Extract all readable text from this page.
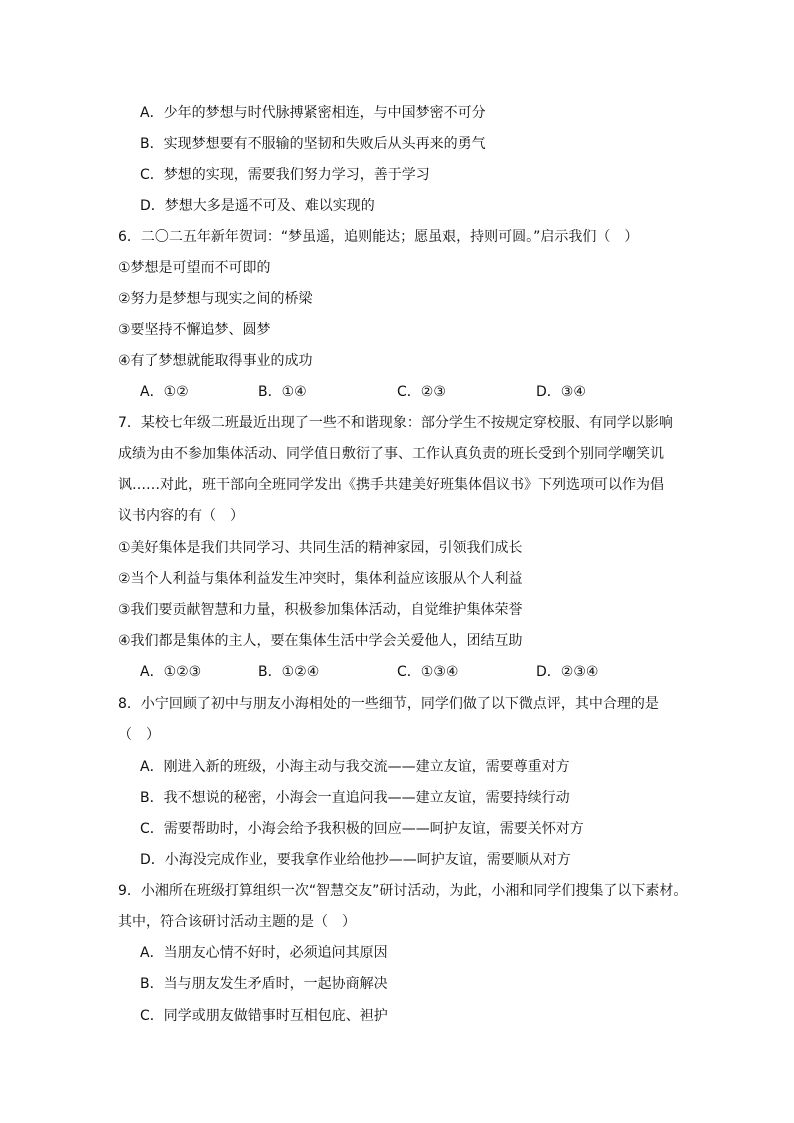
A．少年的梦想与时代脉搏紧密相连，与中国梦密不可分
B．实现梦想要有不服输的坚韧和失败后从头再来的勇气
C．梦想的实现，需要我们努力学习，善于学习
D．梦想大多是遥不可及、难以实现的
6．二〇二五年新年贺词：“梦虽遥，追则能达；愿虽艰，持则可圆。”启示我们（　）
①梦想是可望而不可即的
②努力是梦想与现实之间的桥梁
③要坚持不懈追梦、圆梦
④有了梦想就能取得事业的成功
A．①②	B．①④	C．②③	D．③④
7．某校七年级二班最近出现了一些不和谐现象：部分学生不按规定穿校服、有同学以影响
成绩为由不参加集体活动、同学值日敷衍了事、工作认真负责的班长受到个别同学嘲笑讥
讽……对此，班干部向全班同学发出《携手共建美好班集体倡议书》下列选项可以作为倡
议书内容的有（　）
①美好集体是我们共同学习、共同生活的精神家园，引领我们成长
②当个人利益与集体利益发生冲突时，集体利益应该服从个人利益
③我们要贡献智慧和力量，积极参加集体活动，自觉维护集体荣誉
④我们都是集体的主人，要在集体生活中学会关爱他人，团结互助
A．①②③	B．①②④	C．①③④	D．②③④
8．小宁回顾了初中与朋友小海相处的一些细节，同学们做了以下微点评，其中合理的是
（　）
A．刚进入新的班级，小海主动与我交流——建立友谊，需要尊重对方
B．我不想说的秘密，小海会一直追问我——建立友谊，需要持续行动
C．需要帮助时，小海会给予我积极的回应——呵护友谊，需要关怀对方
D．小海没完成作业，要我拿作业给他抄——呵护友谊，需要顺从对方
9．小湘所在班级打算组织一次“智慧交友”研讨活动，为此，小湘和同学们搜集了以下素材。
其中，符合该研讨活动主题的是（　）
A．当朋友心情不好时，必须追问其原因
B．当与朋友发生矛盾时，一起协商解决
C．同学或朋友做错事时互相包庇、袒护
